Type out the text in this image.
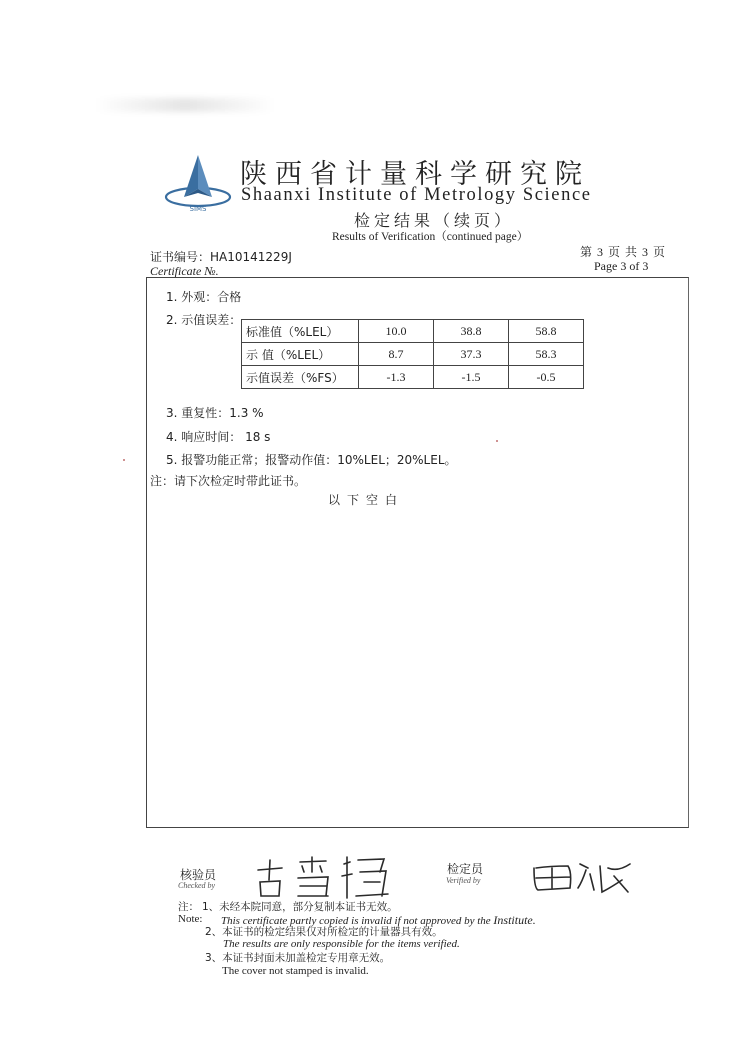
SIMS
陕西省计量科学研究院
Shaanxi Institute of Metrology Science
检定结果（续页）
Results of Verification（continued page）
证书编号：HA10141229J
Certificate №.
第 3 页 共 3 页
Page 3 of 3
1. 外观：合格
2. 示值误差：
标准值（%LEL）	10.0	38.8	58.8
示 值（%LEL）	8.7	37.3	58.3
示值误差（%FS）	-1.3	-1.5	-0.5
3. 重复性：1.3 %
4. 响应时间： 18 s
5. 报警功能正常；报警动作值：10%LEL；20%LEL。
注：请下次检定时带此证书。
以下空白
核验员
Checked by
检定员
Verified by
注： 1、未经本院同意，部分复制本证书无效。
Note: This certificate partly copied is invalid if not approved by the Institute.
2、本证书的检定结果仅对所检定的计量器具有效。
The results are only responsible for the items verified.
3、本证书封面未加盖检定专用章无效。
The cover not stamped is invalid.
